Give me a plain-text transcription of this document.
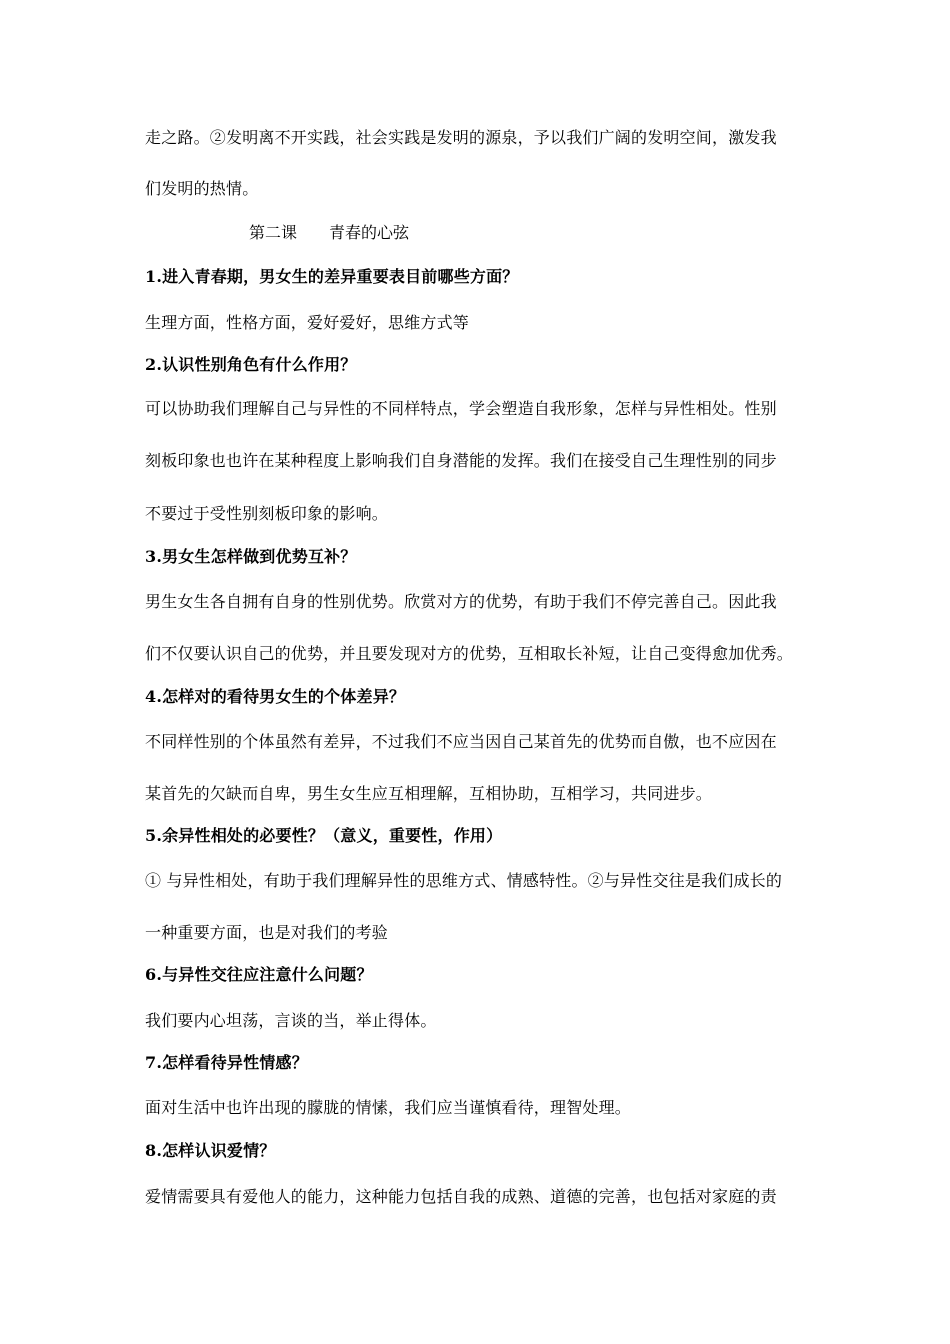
走之路。②发明离不开实践，社会实践是发明的源泉，予以我们广阔的发明空间，激发我
们发明的热情。
第二课　　青春的心弦
1.进入青春期，男女生的差异重要表目前哪些方面？
生理方面，性格方面，爱好爱好，思维方式等
2.认识性别角色有什么作用？
可以协助我们理解自己与异性的不同样特点，学会塑造自我形象，怎样与异性相处。性别
刻板印象也也许在某种程度上影响我们自身潜能的发挥。我们在接受自己生理性别的同步
不要过于受性别刻板印象的影响。
3.男女生怎样做到优势互补？
男生女生各自拥有自身的性别优势。欣赏对方的优势，有助于我们不停完善自己。因此我
们不仅要认识自己的优势，并且要发现对方的优势，互相取长补短，让自己变得愈加优秀。
4.怎样对的看待男女生的个体差异？
不同样性别的个体虽然有差异，不过我们不应当因自己某首先的优势而自傲，也不应因在
某首先的欠缺而自卑，男生女生应互相理解，互相协助，互相学习，共同进步。
5.余异性相处的必要性？（意义，重要性，作用）
① 与异性相处，有助于我们理解异性的思维方式、情感特性。②与异性交往是我们成长的
一种重要方面，也是对我们的考验
6.与异性交往应注意什么问题？
我们要内心坦荡，言谈的当，举止得体。
7.怎样看待异性情感？
面对生活中也许出现的朦胧的情愫，我们应当谨慎看待，理智处理。
8.怎样认识爱情？
爱情需要具有爱他人的能力，这种能力包括自我的成熟、道德的完善，也包括对家庭的责
